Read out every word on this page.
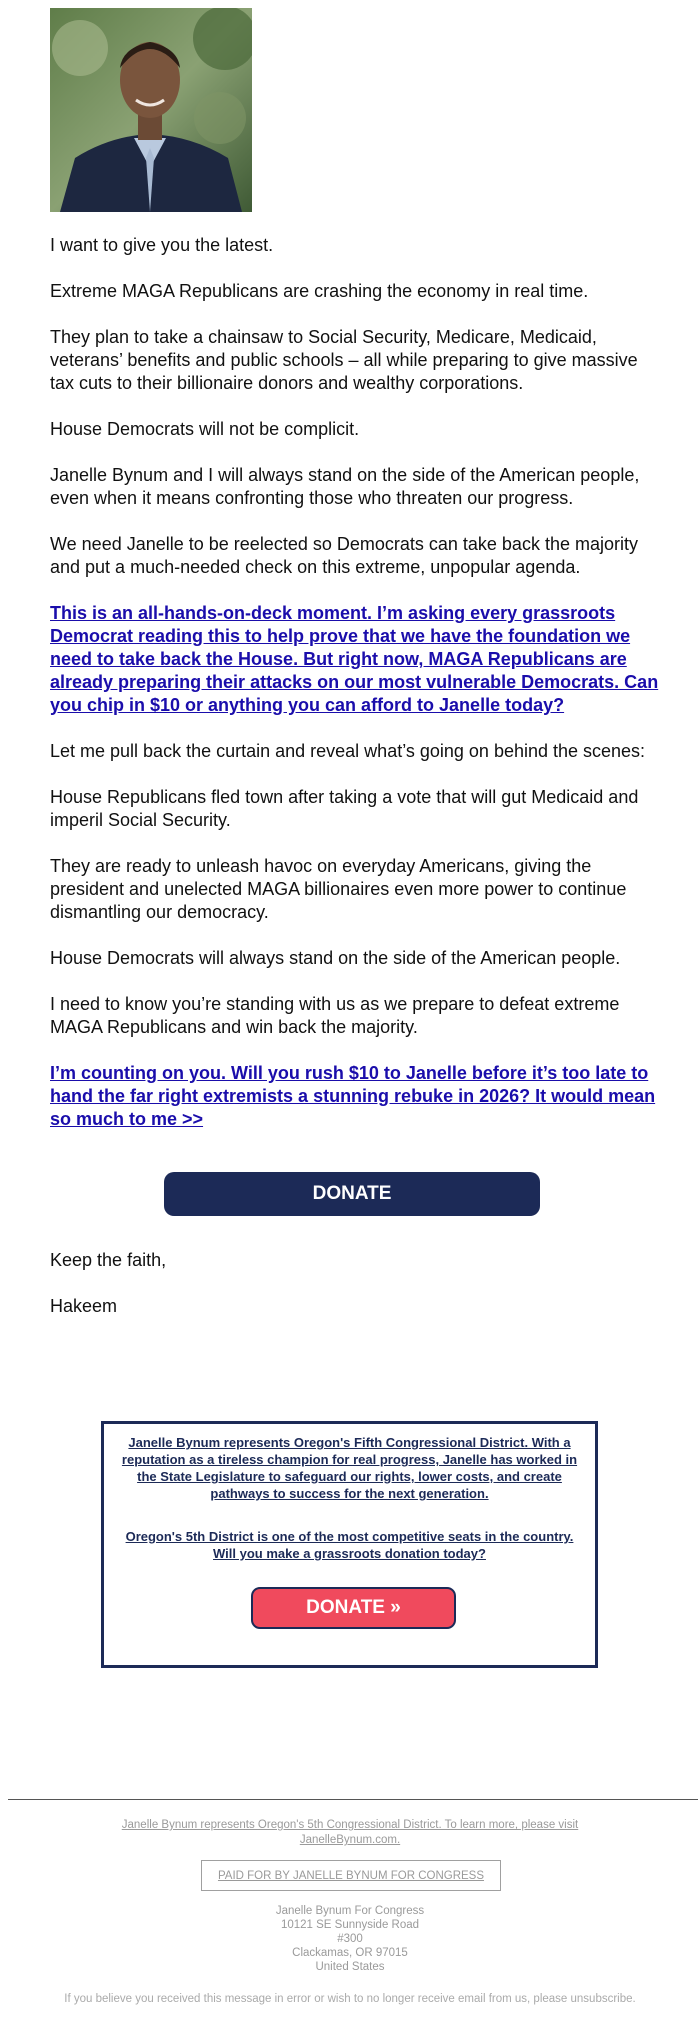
I want to give you the latest.

Extreme MAGA Republicans are crashing the economy in real time.

They plan to take a chainsaw to Social Security, Medicare, Medicaid, veterans’ benefits and public schools – all while preparing to give massive tax cuts to their billionaire donors and wealthy corporations.

House Democrats will not be complicit.

Janelle Bynum and I will always stand on the side of the American people, even when it means confronting those who threaten our progress.

We need Janelle to be reelected so Democrats can take back the majority and put a much-needed check on this extreme, unpopular agenda.

This is an all-hands-on-deck moment. I’m asking every grassroots Democrat reading this to help prove that we have the foundation we need to take back the House. But right now, MAGA Republicans are already preparing their attacks on our most vulnerable Democrats. Can you chip in $10 or anything you can afford to Janelle today?

Let me pull back the curtain and reveal what’s going on behind the scenes:

House Republicans fled town after taking a vote that will gut Medicaid and imperil Social Security.

They are ready to unleash havoc on everyday Americans, giving the president and unelected MAGA billionaires even more power to continue dismantling our democracy.

House Democrats will always stand on the side of the American people.

I need to know you’re standing with us as we prepare to defeat extreme MAGA Republicans and win back the majority.

I’m counting on you. Will you rush $10 to Janelle before it’s too late to hand the far right extremists a stunning rebuke in 2026? It would mean so much to me >>

DONATE

Keep the faith,

Hakeem

Janelle Bynum represents Oregon's Fifth Congressional District. With a reputation as a tireless champion for real progress, Janelle has worked in the State Legislature to safeguard our rights, lower costs, and create pathways to success for the next generation.
Oregon's 5th District is one of the most competitive seats in the country. Will you make a grassroots donation today?
DONATE »
Janelle Bynum represents Oregon's 5th Congressional District. To learn more, please visit JanelleBynum.com.
PAID FOR BY JANELLE BYNUM FOR CONGRESS
Janelle Bynum For Congress
10121 SE Sunnyside Road
#300
Clackamas, OR 97015
United States
If you believe you received this message in error or wish to no longer receive email from us, please unsubscribe.
